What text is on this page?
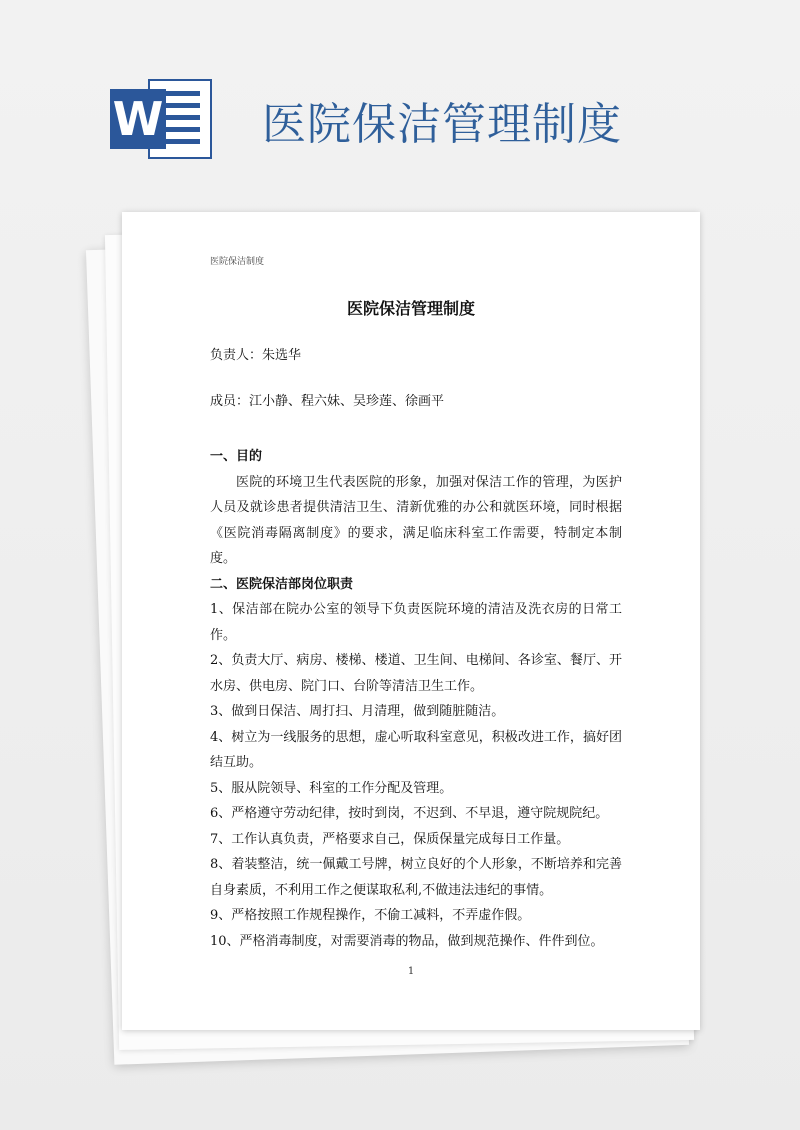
W 医院保洁管理制度
医院保洁制度
医院保洁管理制度
负责人：朱选华
成员：江小静、程六妹、吴珍莲、徐画平

一、目的

医院的环境卫生代表医院的形象，加强对保洁工作的管理，为医护人员及就诊患者提供清洁卫生、清新优雅的办公和就医环境，同时根据《医院消毒隔离制度》的要求，满足临床科室工作需要，特制定本制度。

二、医院保洁部岗位职责

1、保洁部在院办公室的领导下负责医院环境的清洁及洗衣房的日常工作。

2、负责大厅、病房、楼梯、楼道、卫生间、电梯间、各诊室、餐厅、开水房、供电房、院门口、台阶等清洁卫生工作。

3、做到日保洁、周打扫、月清理，做到随脏随洁。

4、树立为一线服务的思想，虚心听取科室意见，积极改进工作，搞好团结互助。

5、服从院领导、科室的工作分配及管理。

6、严格遵守劳动纪律，按时到岗，不迟到、不早退，遵守院规院纪。

7、工作认真负责，严格要求自己，保质保量完成每日工作量。

8、着装整洁，统一佩戴工号牌，树立良好的个人形象，不断培养和完善自身素质，不利用工作之便谋取私利,不做违法违纪的事情。

9、严格按照工作规程操作，不偷工减料，不弄虚作假。

10、严格消毒制度，对需要消毒的物品，做到规范操作、件件到位。

1
